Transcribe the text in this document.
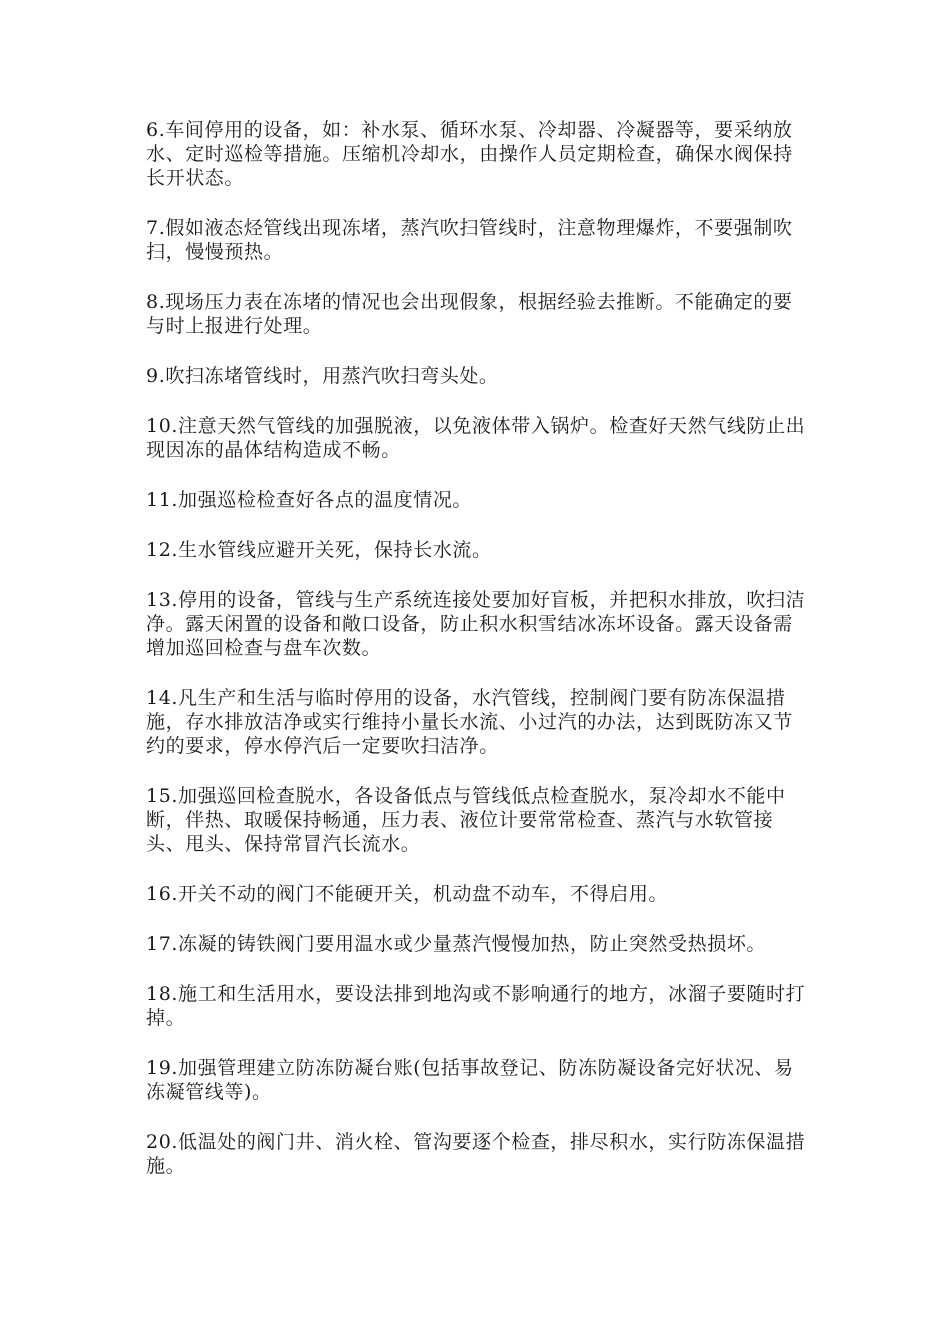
6.车间停用的设备，如：补水泵、循环水泵、冷却器、冷凝器等，要采纳放水、定时巡检等措施。压缩机冷却水，由操作人员定期检查，确保水阀保持长开状态。

7.假如液态烃管线出现冻堵，蒸汽吹扫管线时，注意物理爆炸，不要强制吹扫，慢慢预热。

8.现场压力表在冻堵的情况也会出现假象，根据经验去推断。不能确定的要与时上报进行处理。

9.吹扫冻堵管线时，用蒸汽吹扫弯头处。

10.注意天然气管线的加强脱液，以免液体带入锅炉。检查好天然气线防止出现因冻的晶体结构造成不畅。

11.加强巡检检查好各点的温度情况。

12.生水管线应避开关死，保持长水流。

13.停用的设备，管线与生产系统连接处要加好盲板，并把积水排放，吹扫洁净。露天闲置的设备和敞口设备，防止积水积雪结冰冻坏设备。露天设备需增加巡回检查与盘车次数。

14.凡生产和生活与临时停用的设备，水汽管线，控制阀门要有防冻保温措施，存水排放洁净或实行维持小量长水流、小过汽的办法，达到既防冻又节约的要求，停水停汽后一定要吹扫洁净。

15.加强巡回检查脱水，各设备低点与管线低点检查脱水，泵冷却水不能中断，伴热、取暖保持畅通，压力表、液位计要常常检查、蒸汽与水软管接头、甩头、保持常冒汽长流水。

16.开关不动的阀门不能硬开关，机动盘不动车，不得启用。

17.冻凝的铸铁阀门要用温水或少量蒸汽慢慢加热，防止突然受热损坏。

18.施工和生活用水，要设法排到地沟或不影响通行的地方，冰溜子要随时打掉。

19.加强管理建立防冻防凝台账(包括事故登记、防冻防凝设备完好状况、易冻凝管线等)。

20.低温处的阀门井、消火栓、管沟要逐个检查，排尽积水，实行防冻保温措施。
